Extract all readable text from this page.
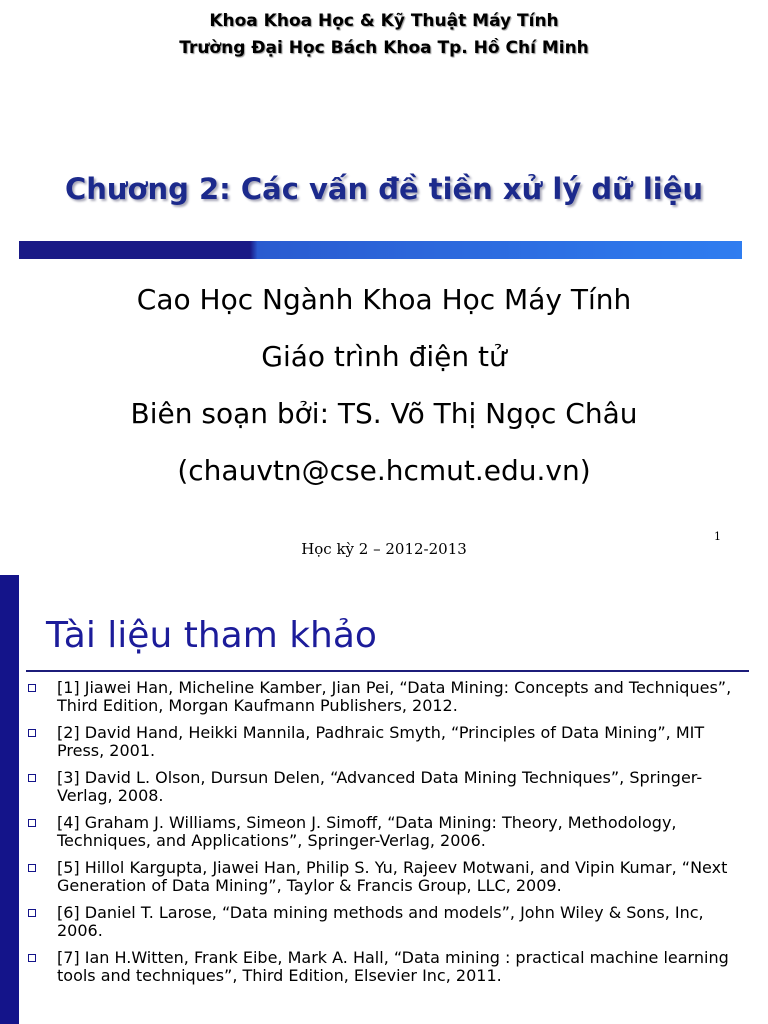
Khoa Khoa Học & Kỹ Thuật Máy Tính
Trường Đại Học Bách Khoa Tp. Hồ Chí Minh
Chương 2: Các vấn đề tiền xử lý dữ liệu
Cao Học Ngành Khoa Học Máy Tính
Giáo trình điện tử
Biên soạn bởi: TS. Võ Thị Ngọc Châu
(chauvtn@cse.hcmut.edu.vn)
Học kỳ 2 – 2012-2013
1
Tài liệu tham khảo
[1] Jiawei Han, Micheline Kamber, Jian Pei, “Data Mining: Concepts and Techniques”, Third Edition, Morgan Kaufmann Publishers, 2012.
[2] David Hand, Heikki Mannila, Padhraic Smyth, “Principles of Data Mining”, MIT Press, 2001.
[3] David L. Olson, Dursun Delen, “Advanced Data Mining Techniques”, Springer-Verlag, 2008.
[4] Graham J. Williams, Simeon J. Simoff, “Data Mining: Theory, Methodology, Techniques, and Applications”, Springer-Verlag, 2006.
[5] Hillol Kargupta, Jiawei Han, Philip S. Yu, Rajeev Motwani, and Vipin Kumar, “Next Generation of Data Mining”, Taylor & Francis Group, LLC, 2009.
[6] Daniel T. Larose, “Data mining methods and models”, John Wiley & Sons, Inc, 2006.
[7] Ian H.Witten, Frank Eibe, Mark A. Hall, “Data mining : practical machine learning tools and techniques”, Third Edition, Elsevier Inc, 2011.
